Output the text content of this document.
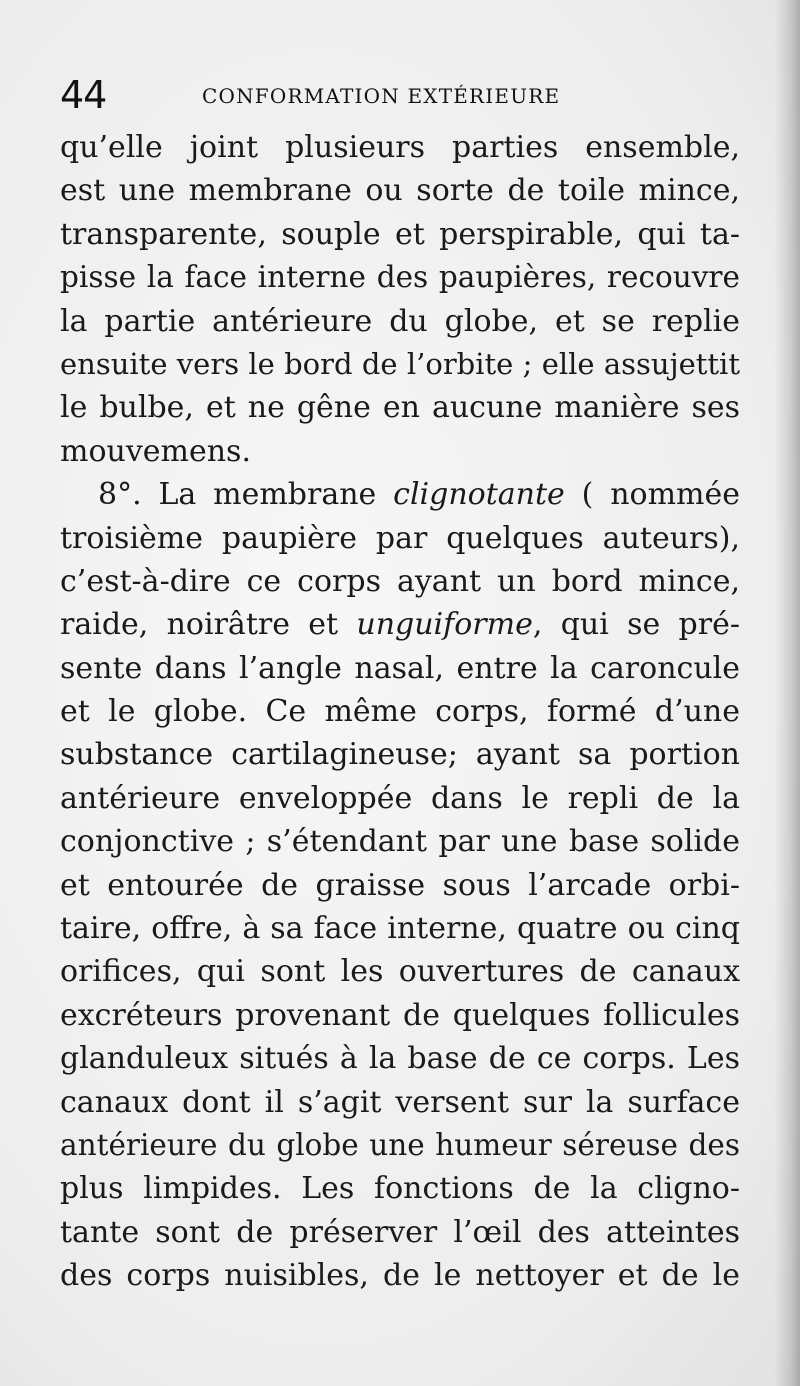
44	CONFORMATION EXTÉRIEURE
qu’elle joint plusieurs parties ensemble,
est une membrane ou sorte de toile mince,
transparente, souple et perspirable, qui ta-
pisse la face interne des paupières, recouvre
la partie antérieure du globe, et se replie
ensuite vers le bord de l’orbite ; elle assujettit
le bulbe, et ne gêne en aucune manière ses
mouvemens.
8°. La membrane clignotante ( nommée
troisième paupière par quelques auteurs),
c’est-à-dire ce corps ayant un bord mince,
raide, noirâtre et unguiforme, qui se pré-
sente dans l’angle nasal, entre la caroncule
et le globe. Ce même corps, formé d’une
substance cartilagineuse; ayant sa portion
antérieure enveloppée dans le repli de la
conjonctive ; s’étendant par une base solide
et entourée de graisse sous l’arcade orbi-
taire, offre, à sa face interne, quatre ou cinq
orifices, qui sont les ouvertures de canaux
excréteurs provenant de quelques follicules
glanduleux situés à la base de ce corps. Les
canaux dont il s’agit versent sur la surface
antérieure du globe une humeur séreuse des
plus limpides. Les fonctions de la cligno-
tante sont de préserver l’œil des atteintes
des corps nuisibles, de le nettoyer et de le
